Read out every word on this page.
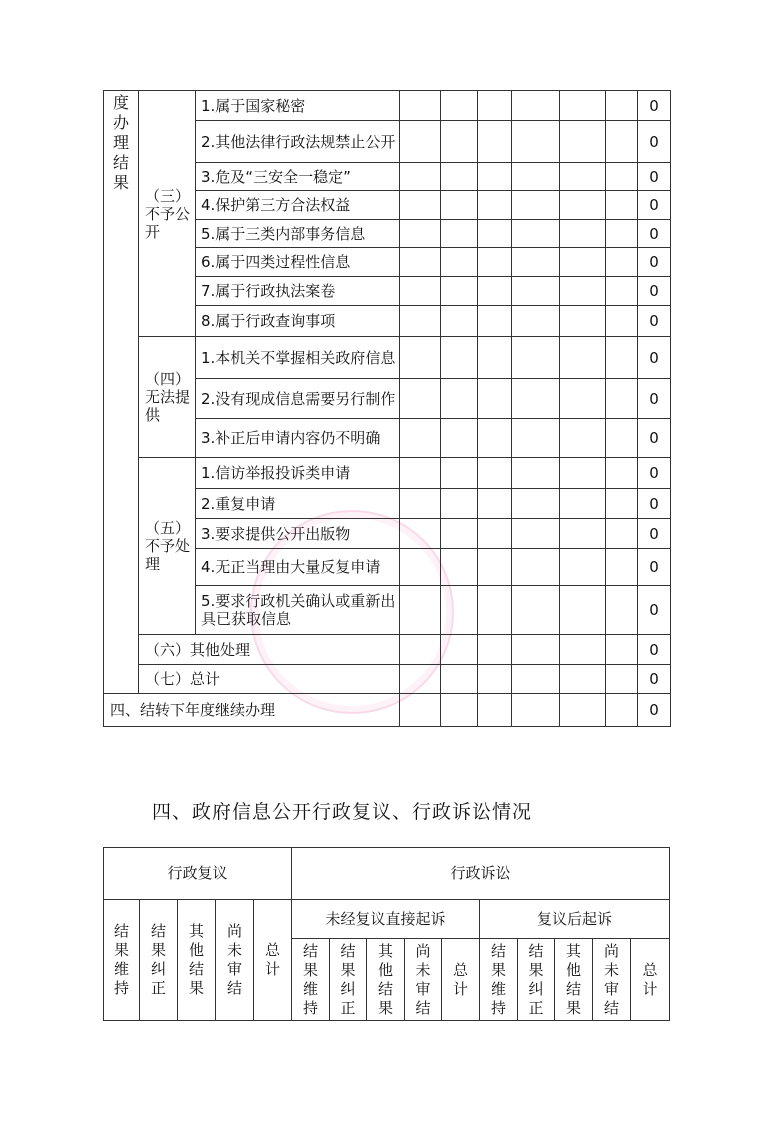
度办理结果	（三）不予公开	1.属于国家秘密							0
		2.其他法律行政法规禁止公开							0
		3.危及“三安全一稳定”							0
		4.保护第三方合法权益							0
		5.属于三类内部事务信息							0
		6.属于四类过程性信息							0
		7.属于行政执法案卷							0
		8.属于行政查询事项							0
	（四）无法提供	1.本机关不掌握相关政府信息							0
		2.没有现成信息需要另行制作							0
		3.补正后申请内容仍不明确							0
	（五）不予处理	1.信访举报投诉类申请							0
		2.重复申请							0
		3.要求提供公开出版物							0
		4.无正当理由大量反复申请							0
		5.要求行政机关确认或重新出具已获取信息							0
	（六）其他处理								0
	（七）总计								0
四、结转下年度继续办理									0
四、政府信息公开行政复议、行政诉讼情况
行政复议					行政诉讼									
结果维持	结果纠正	其他结果	尚未审结	总计	未经复议直接起诉					复议后起诉				
					结果维持	结果纠正	其他结果	尚未审结	总计	结果维持	结果纠正	其他结果	尚未审结	总计
